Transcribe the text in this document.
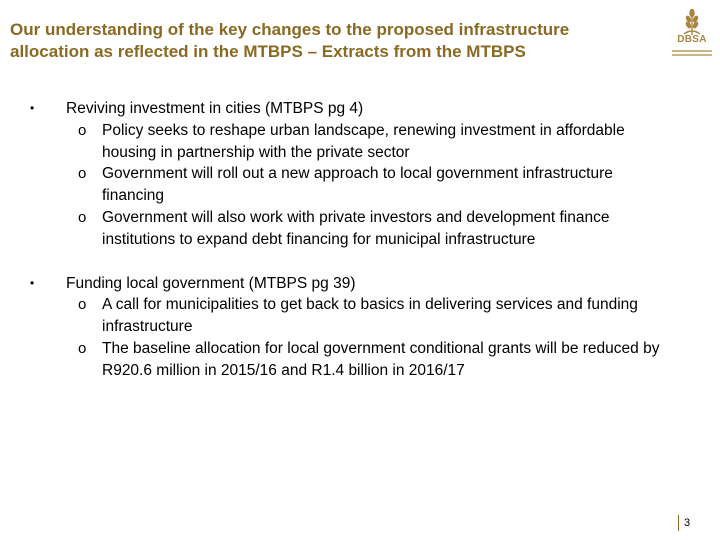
Our understanding of the key changes to the proposed infrastructure allocation as reflected in the MTBPS – Extracts from the MTBPS
DBSA
•	Reviving investment in cities (MTBPS pg 4)
o Policy seeks to reshape urban landscape, renewing investment in affordable housing in partnership with the private sector
o Government will roll out a new approach to local government infrastructure financing
o Government will also work with private investors and development finance institutions to expand debt financing for municipal infrastructure
•	Funding local government (MTBPS pg 39)
o A call for municipalities to get back to basics in delivering services and funding infrastructure
o The baseline allocation for local government conditional grants will be reduced by R920.6 million in 2015/16 and R1.4 billion in 2016/17
3
